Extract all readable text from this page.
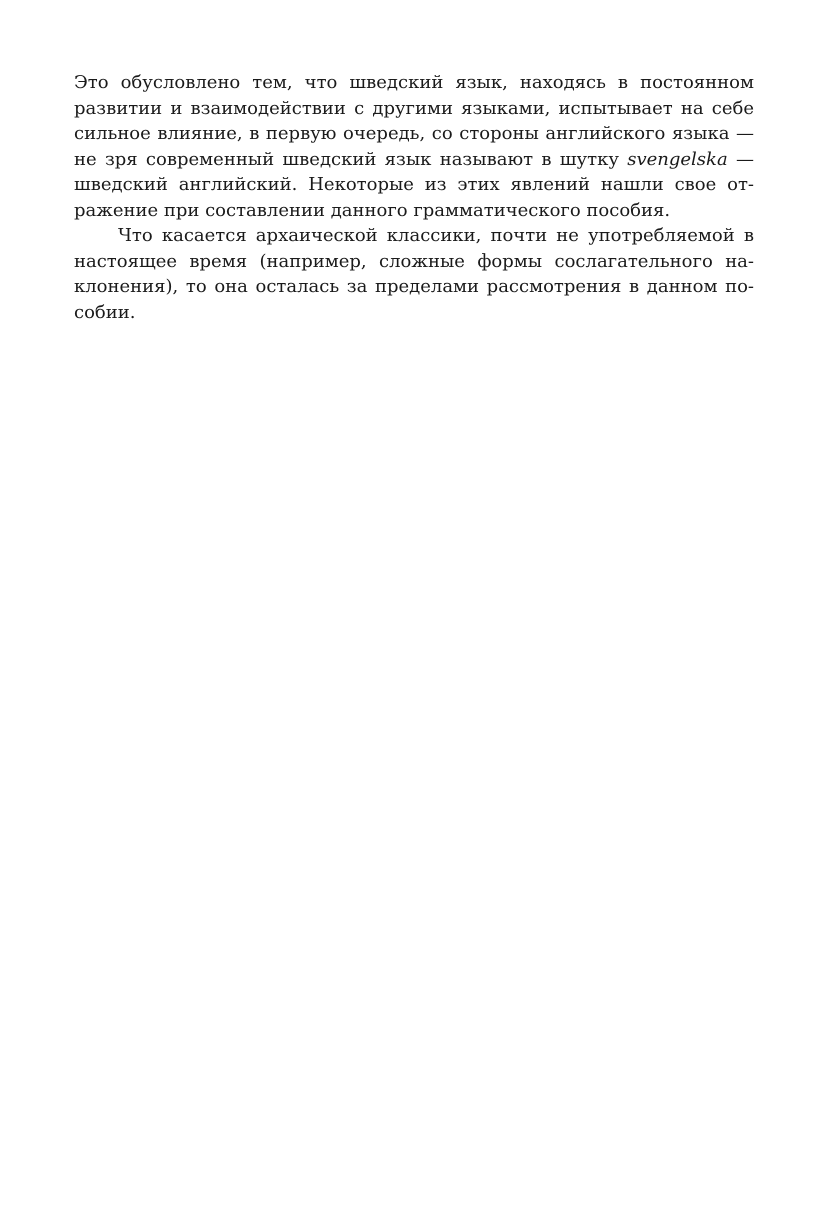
Это обусловлено тем, что шведский язык, находясь в постоянном
развитии и взаимодействии с другими языками, испытывает на себе
сильное влияние, в первую очередь, со стороны английского языка —
не зря современный шведский язык называют в шутку svengelska —
шведский английский. Некоторые из этих явлений нашли свое от-
ражение при составлении данного грамматического пособия.
Что касается архаической классики, почти не употребляемой в
настоящее время (например, сложные формы сослагательного на-
клонения), то она осталась за пределами рассмотрения в данном по-
собии.
